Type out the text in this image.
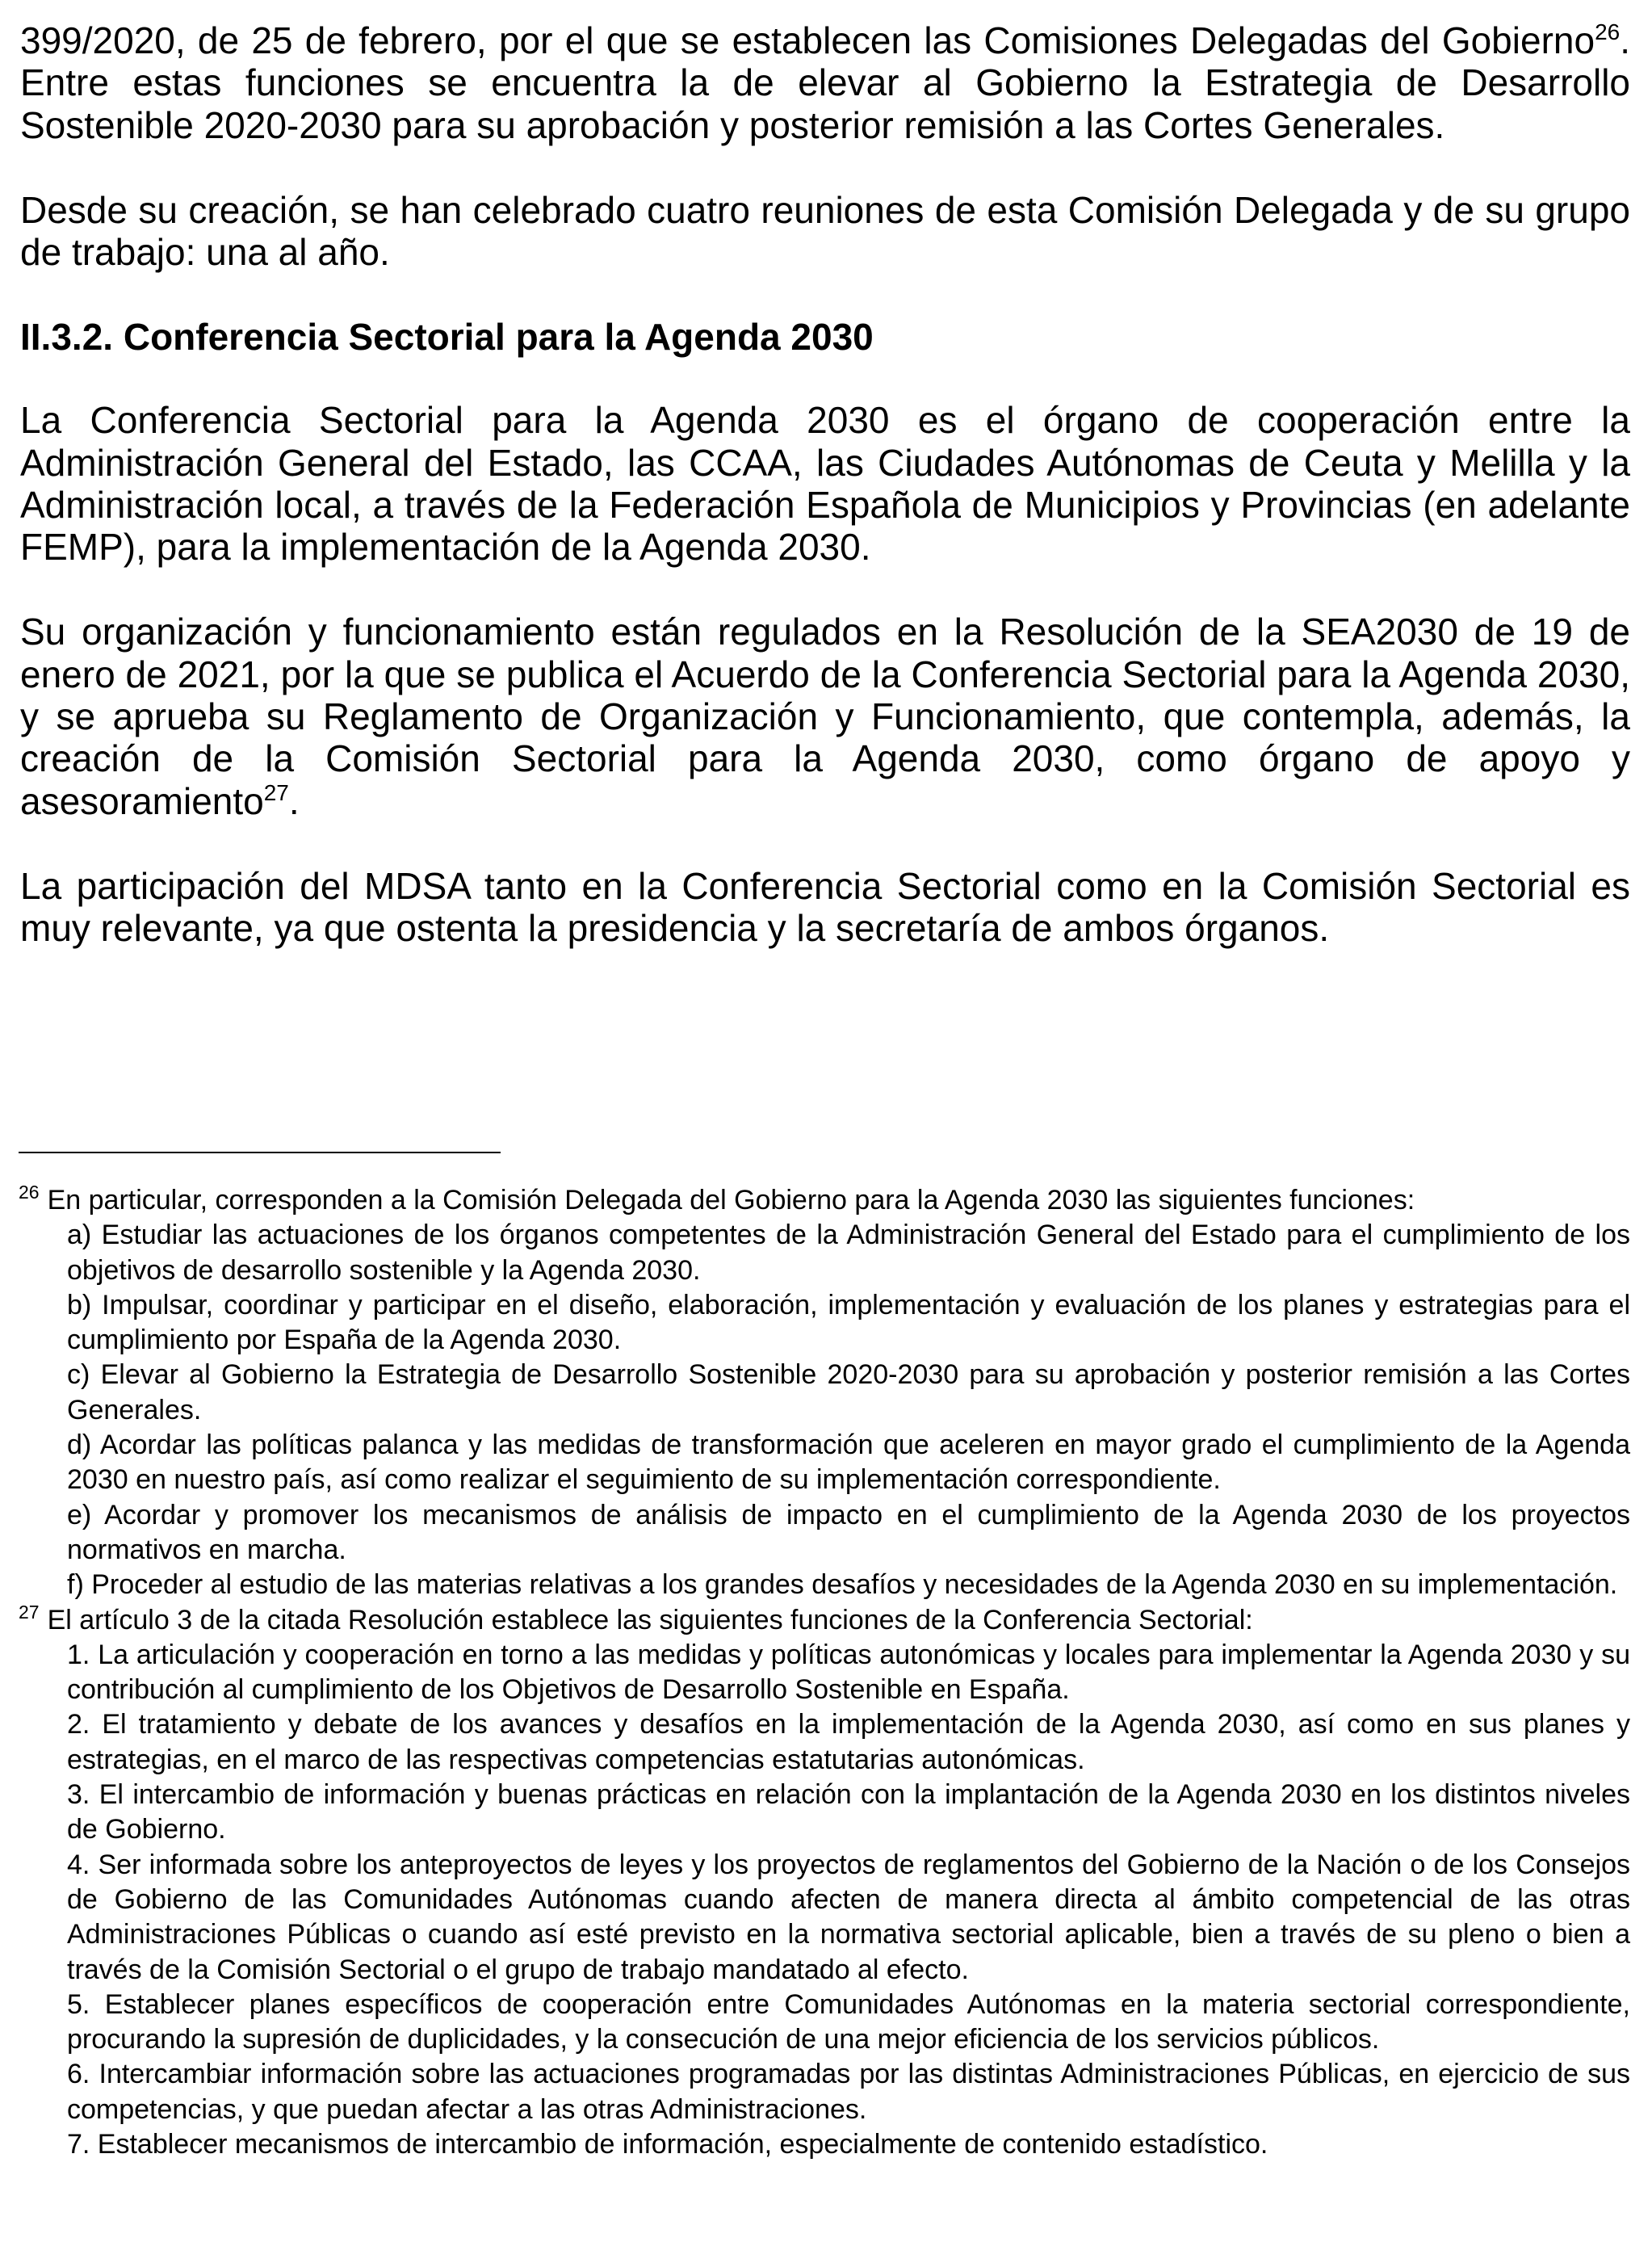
399/2020, de 25 de febrero, por el que se establecen las Comisiones Delegadas del Gobierno$^{26}$. Entre estas funciones se encuentra la de elevar al Gobierno la Estrategia de Desarrollo Sostenible 2020-2030 para su aprobación y posterior remisión a las Cortes Generales.

Desde su creación, se han celebrado cuatro reuniones de esta Comisión Delegada y de su grupo de trabajo: una al año.

II.3.2. Conferencia Sectorial para la Agenda 2030

La Conferencia Sectorial para la Agenda 2030 es el órgano de cooperación entre la Administración General del Estado, las CCAA, las Ciudades Autónomas de Ceuta y Melilla y la Administración local, a través de la Federación Española de Municipios y Provincias (en adelante FEMP), para la implementación de la Agenda 2030.

Su organización y funcionamiento están regulados en la Resolución de la SEA2030 de 19 de enero de 2021, por la que se publica el Acuerdo de la Conferencia Sectorial para la Agenda 2030, y se aprueba su Reglamento de Organización y Funcionamiento, que contempla, además, la creación de la Comisión Sectorial para la Agenda 2030, como órgano de apoyo y asesoramiento$^{27}$.

La participación del MDSA tanto en la Conferencia Sectorial como en la Comisión Sectorial es muy relevante, ya que ostenta la presidencia y la secretaría de ambos órganos.

$^{26}$ En particular, corresponden a la Comisión Delegada del Gobierno para la Agenda 2030 las siguientes funciones:
a) Estudiar las actuaciones de los órganos competentes de la Administración General del Estado para el cumplimiento de los objetivos de desarrollo sostenible y la Agenda 2030.
b) Impulsar, coordinar y participar en el diseño, elaboración, implementación y evaluación de los planes y estrategias para el cumplimiento por España de la Agenda 2030.
c) Elevar al Gobierno la Estrategia de Desarrollo Sostenible 2020-2030 para su aprobación y posterior remisión a las Cortes Generales.
d) Acordar las políticas palanca y las medidas de transformación que aceleren en mayor grado el cumplimiento de la Agenda 2030 en nuestro país, así como realizar el seguimiento de su implementación correspondiente.
e) Acordar y promover los mecanismos de análisis de impacto en el cumplimiento de la Agenda 2030 de los proyectos normativos en marcha.
f) Proceder al estudio de las materias relativas a los grandes desafíos y necesidades de la Agenda 2030 en su implementación.
$^{27}$ El artículo 3 de la citada Resolución establece las siguientes funciones de la Conferencia Sectorial:
1. La articulación y cooperación en torno a las medidas y políticas autonómicas y locales para implementar la Agenda 2030 y su contribución al cumplimiento de los Objetivos de Desarrollo Sostenible en España.
2. El tratamiento y debate de los avances y desafíos en la implementación de la Agenda 2030, así como en sus planes y estrategias, en el marco de las respectivas competencias estatutarias autonómicas.
3. El intercambio de información y buenas prácticas en relación con la implantación de la Agenda 2030 en los distintos niveles de Gobierno.
4. Ser informada sobre los anteproyectos de leyes y los proyectos de reglamentos del Gobierno de la Nación o de los Consejos de Gobierno de las Comunidades Autónomas cuando afecten de manera directa al ámbito competencial de las otras Administraciones Públicas o cuando así esté previsto en la normativa sectorial aplicable, bien a través de su pleno o bien a través de la Comisión Sectorial o el grupo de trabajo mandatado al efecto.
5. Establecer planes específicos de cooperación entre Comunidades Autónomas en la materia sectorial correspondiente, procurando la supresión de duplicidades, y la consecución de una mejor eficiencia de los servicios públicos.
6. Intercambiar información sobre las actuaciones programadas por las distintas Administraciones Públicas, en ejercicio de sus competencias, y que puedan afectar a las otras Administraciones.
7. Establecer mecanismos de intercambio de información, especialmente de contenido estadístico.
